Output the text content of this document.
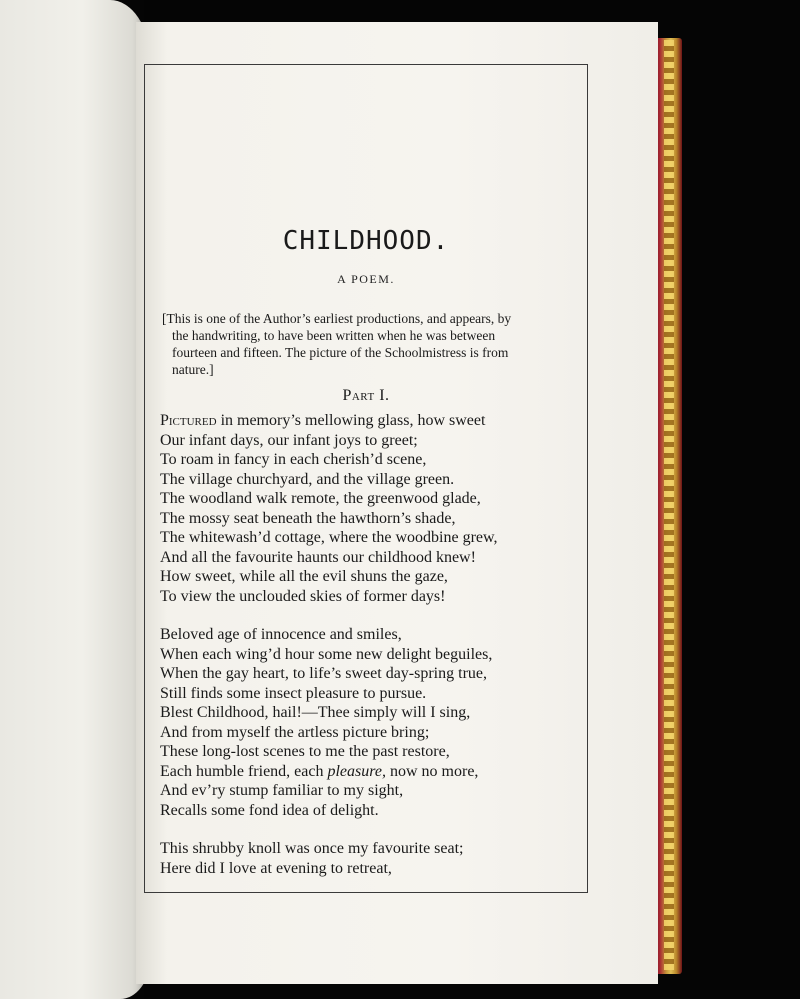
CHILDHOOD.
A POEM.
[This is one of the Author’s earliest productions, and appears, by
the handwriting, to have been written when he was between
fourteen and fifteen. The picture of the Schoolmistress is from
nature.]
Part I.
Pictured in memory’s mellowing glass, how sweet
Our infant days, our infant joys to greet;
To roam in fancy in each cherish’d scene,
The village churchyard, and the village green.
The woodland walk remote, the greenwood glade,
The mossy seat beneath the hawthorn’s shade,
The whitewash’d cottage, where the woodbine grew,
And all the favourite haunts our childhood knew!
How sweet, while all the evil shuns the gaze,
To view the unclouded skies of former days!
Beloved age of innocence and smiles,
When each wing’d hour some new delight beguiles,
When the gay heart, to life’s sweet day-spring true,
Still finds some insect pleasure to pursue.
Blest Childhood, hail!—Thee simply will I sing,
And from myself the artless picture bring;
These long-lost scenes to me the past restore,
Each humble friend, each pleasure, now no more,
And ev’ry stump familiar to my sight,
Recalls some fond idea of delight.
This shrubby knoll was once my favourite seat;
Here did I love at evening to retreat,
